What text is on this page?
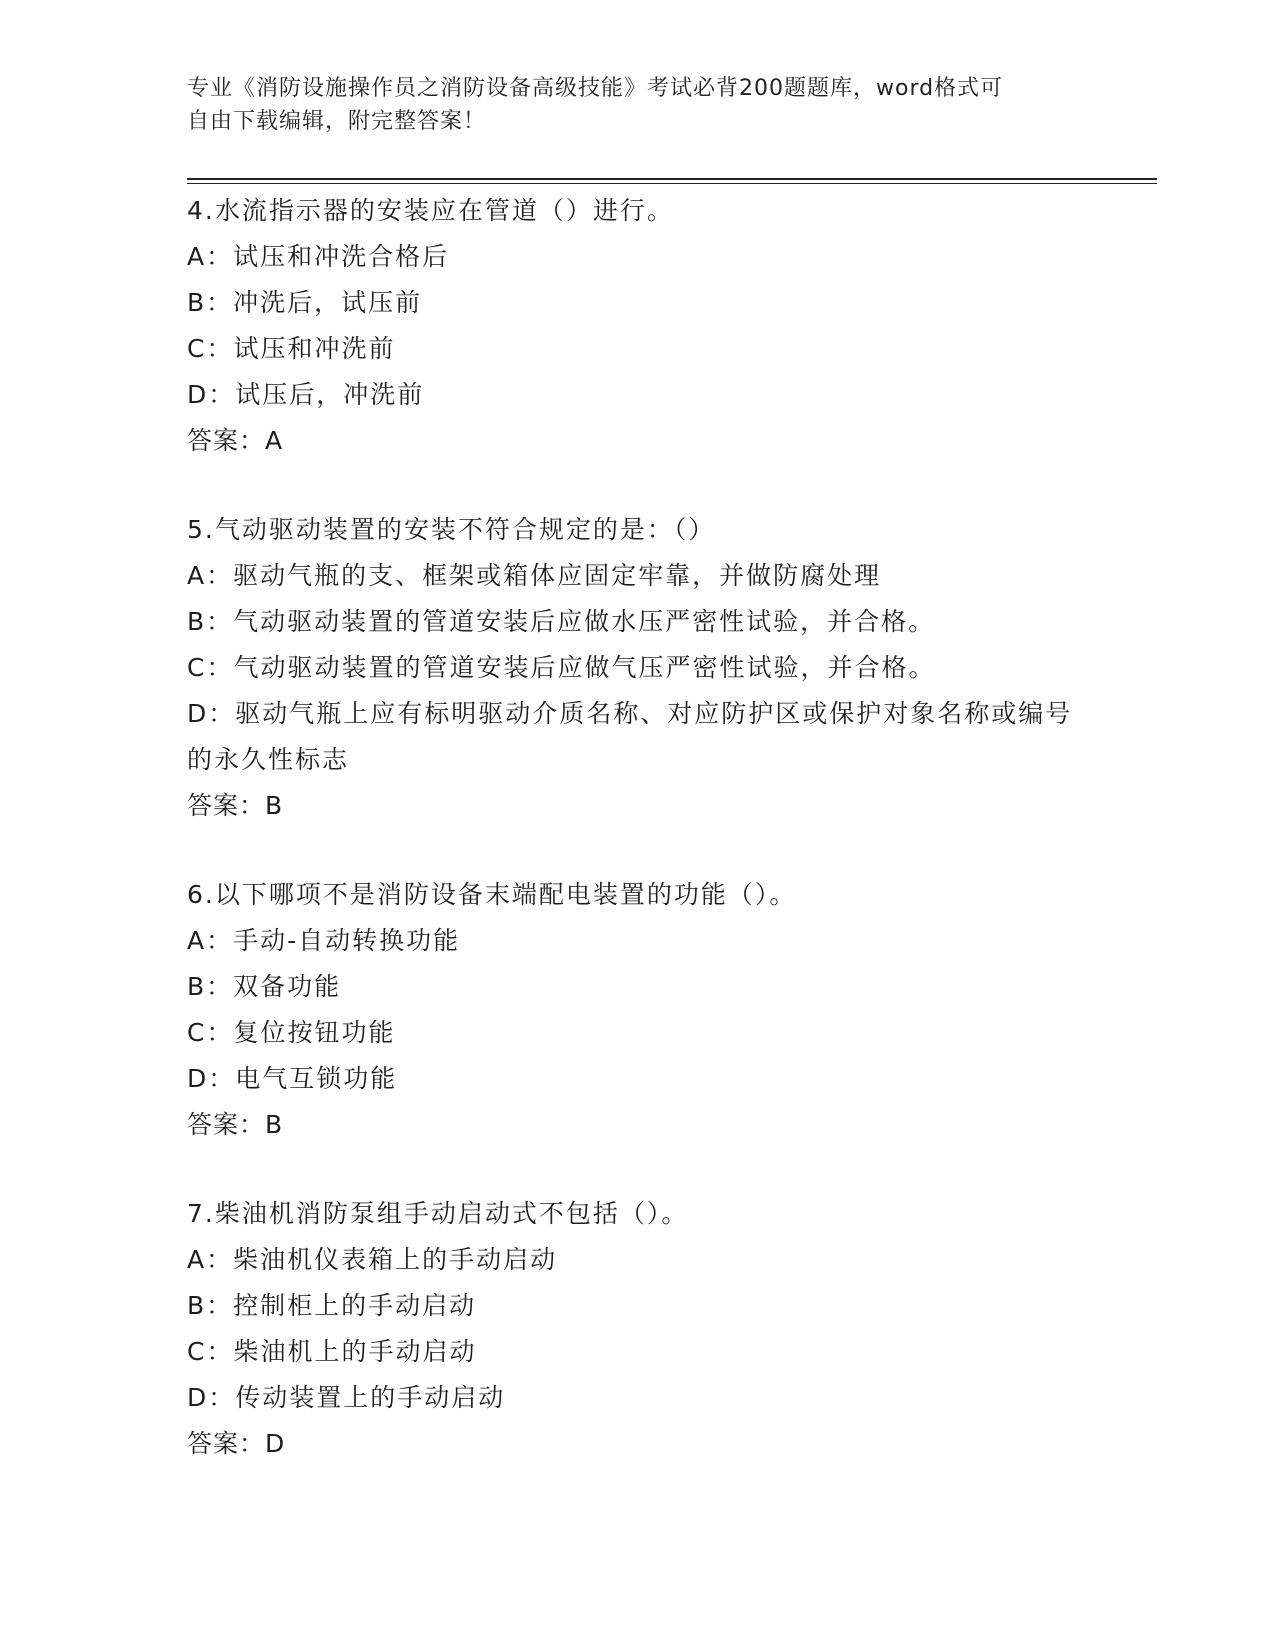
专业《消防设施操作员之消防设备高级技能》考试必背200题题库，word格式可
自由下载编辑，附完整答案！
4.水流指示器的安装应在管道（）进行。
A：试压和冲洗合格后
B：冲洗后，试压前
C：试压和冲洗前
D：试压后，冲洗前
答案：A
5.气动驱动装置的安装不符合规定的是：（）
A：驱动气瓶的支、框架或箱体应固定牢靠，并做防腐处理
B：气动驱动装置的管道安装后应做水压严密性试验，并合格。
C：气动驱动装置的管道安装后应做气压严密性试验，并合格。
D：驱动气瓶上应有标明驱动介质名称、对应防护区或保护对象名称或编号的永久性标志
答案：B
6.以下哪项不是消防设备末端配电装置的功能（）。
A：手动-自动转换功能
B：双备功能
C：复位按钮功能
D：电气互锁功能
答案：B
7.柴油机消防泵组手动启动式不包括（）。
A：柴油机仪表箱上的手动启动
B：控制柜上的手动启动
C：柴油机上的手动启动
D：传动装置上的手动启动
答案：D
